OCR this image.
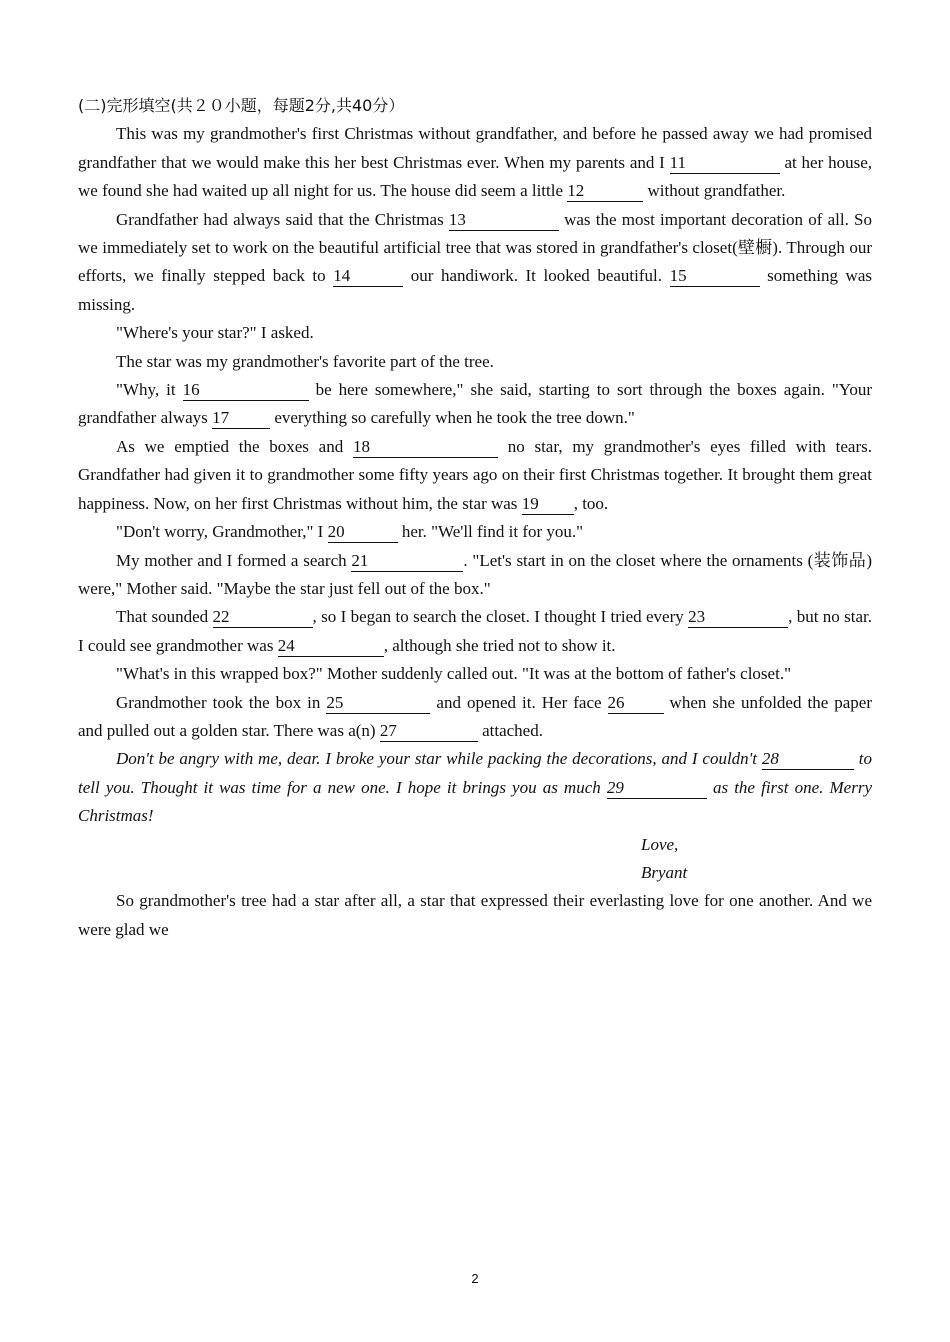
(二)完形填空(共２０小题，每题2分,共40分）

This was my grandmother's first Christmas without grandfather, and before he passed away we had promised grandfather that we would make this her best Christmas ever. When my parents and I 11	at her house, we found she had waited up all night for us. The house did seem a little 12	without grandfather.

Grandfather had always said that the Christmas 13	was the most important decoration of all. So we immediately set to work on the beautiful artificial tree that was stored in grandfather's closet(壁橱). Through our efforts, we finally stepped back to 14	our handiwork. It looked beautiful. 15	something was missing.

"Where's your star?" I asked.

The star was my grandmother's favorite part of the tree.

"Why, it 16	be here somewhere," she said, starting to sort through the boxes again. "Your grandfather always 17 everything so carefully when he took the tree down."

As we emptied the boxes and 18	no star, my grandmother's eyes filled with tears. Grandfather had given it to grandmother some fifty years ago on their first Christmas together. It brought them great happiness. Now, on her first Christmas without him, the star was 19 , too.

"Don't worry, Grandmother," I 20	her. "We'll find it for you."

My mother and I formed a search 21	. "Let's start in on the closet where the ornaments (装饰品) were," Mother said. "Maybe the star just fell out of the box."

That sounded 22	, so I began to search the closet. I thought I tried every 23	, but no star. I could see grandmother was 24	, although she tried not to show it.

"What's in this wrapped box?" Mother suddenly called out. "It was at the bottom of father's closet."

Grandmother took the box in 25	and opened it. Her face 26 when she unfolded the paper and pulled out a golden star. There was a(n) 27	attached.

Don't be angry with me, dear. I broke your star while packing the decorations, and I couldn't 28	to tell you. Thought it was time for a new one. I hope it brings you as much 29	as the first one. Merry Christmas!

Love,

Bryant

So grandmother's tree had a star after all, a star that expressed their everlasting love for one another. And we were glad we

2
